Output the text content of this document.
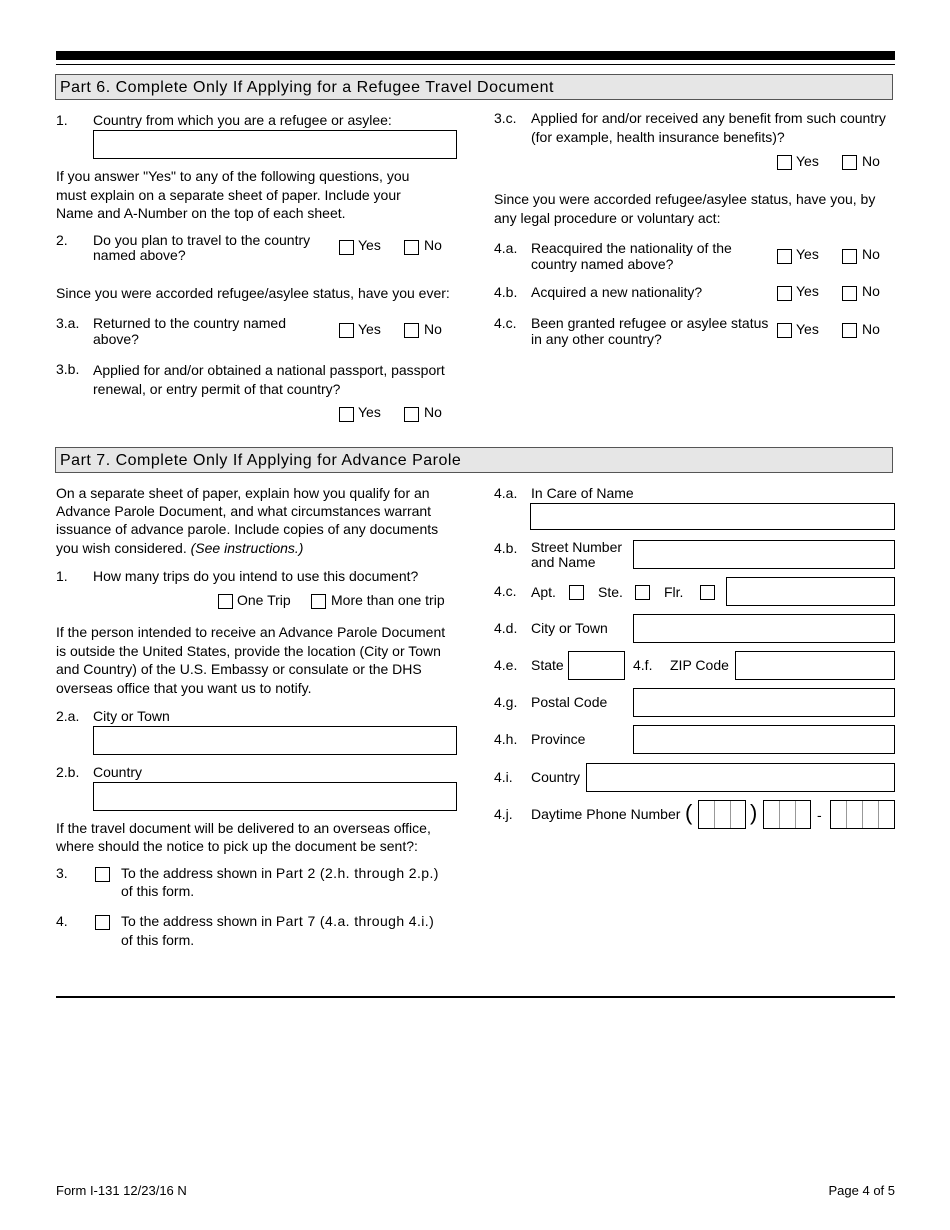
Part 6. Complete Only If Applying for a Refugee Travel Document
1. Country from which you are a refugee or asylee:
If you answer "Yes" to any of the following questions, you
must explain on a separate sheet of paper. Include your
Name and A-Number on the top of each sheet.
2. Do you plan to travel to the country
named above?
Yes	No
Since you were accorded refugee/asylee status, have you ever:
3.a. Returned to the country named
above?
Yes	No
3.b. Applied for and/or obtained a national passport, passport
renewal, or entry permit of that country?
Yes	No
3.c. Applied for and/or received any benefit from such country
(for example, health insurance benefits)?
Yes	No
Since you were accorded refugee/asylee status, have you, by
any legal procedure or voluntary act:
4.a. Reacquired the nationality of the
country named above?
Yes	No
4.b. Acquired a new nationality?	Yes	No
4.c. Been granted refugee or asylee status
in any other country?
Yes	No
Part 7. Complete Only If Applying for Advance Parole
On a separate sheet of paper, explain how you qualify for an
Advance Parole Document, and what circumstances warrant
issuance of advance parole. Include copies of any documents
you wish considered. (See instructions.)
1. How many trips do you intend to use this document?
One Trip	More than one trip
If the person intended to receive an Advance Parole Document
is outside the United States, provide the location (City or Town
and Country) of the U.S. Embassy or consulate or the DHS
overseas office that you want us to notify.
2.a. City or Town
2.b. Country
If the travel document will be delivered to an overseas office,
where should the notice to pick up the document be sent?:
3.	To the address shown in Part 2 (2.h. through 2.p.)
of this form.
4.	To the address shown in Part 7 (4.a. through 4.i.)
of this form.
4.a. In Care of Name
4.b. Street Number
and Name
4.c. Apt.	Ste.	Flr.
4.d. City or Town
4.e. State	4.f. ZIP Code
4.g. Postal Code
4.h. Province
4.i. Country
4.j. Daytime Phone Number (	)	-
Form I-131 12/23/16 N	Page 4 of 5
